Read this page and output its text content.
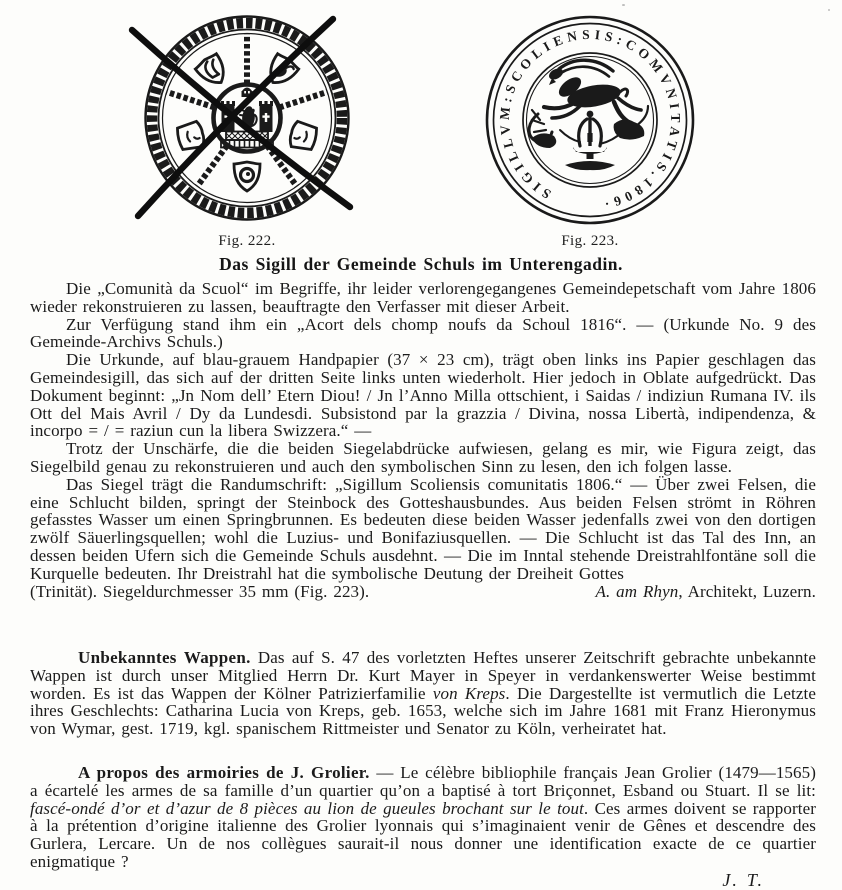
Fig. 222.
SIGILLVM:SCOLIENSIS:COMVNITATIS.1806·
Fig. 223.
Das Sigill der Gemeinde Schuls im Unterengadin.

Die „Comunità da Scuol“ im Begriffe, ihr leider verlorengegangenes Gemeindepetschaft vom Jahre 1806 wieder rekonstruieren zu lassen, beauftragte den Verfasser mit dieser Arbeit.

Zur Verfügung stand ihm ein „Acort dels chomp noufs da Schoul 1816“. — (Urkunde No. 9 des Gemeinde-Archivs Schuls.)

Die Urkunde, auf blau-grauem Handpapier (37 × 23 cm), trägt oben links ins Papier geschlagen das Gemeindesigill, das sich auf der dritten Seite links unten wiederholt. Hier jedoch in Oblate aufgedrückt. Das Dokument beginnt: „Jn Nom dell’ Etern Diou! / Jn l’Anno Milla ottschient, i Saidas / indiziun Rumana IV. ils Ott del Mais Avril / Dy da Lundesdi. Subsistond par la grazzia / Divina, nossa Libertà, indipendenza, & incorpo = / = raziun cun la libera Swizzera.“ —

Trotz der Unschärfe, die die beiden Siegelabdrücke aufwiesen, gelang es mir, wie Figura zeigt, das Siegelbild genau zu rekonstruieren und auch den symbolischen Sinn zu lesen, den ich folgen lasse.

Das Siegel trägt die Randumschrift: „Sigillum Scoliensis comunitatis 1806.“ — Über zwei Felsen, die eine Schlucht bilden, springt der Steinbock des Gotteshausbundes. Aus beiden Felsen strömt in Röhren gefasstes Wasser um einen Springbrunnen. Es bedeuten diese beiden Wasser jedenfalls zwei von den dortigen zwölf Säuerlingsquellen; wohl die Luzius- und Bonifaziusquellen. — Die Schlucht ist das Tal des Inn, an dessen beiden Ufern sich die Gemeinde Schuls ausdehnt. — Die im Inntal stehende Dreistrahlfontäne soll die Kurquelle bedeuten. Ihr Dreistrahl hat die symbolische Deutung der Dreiheit Gottes

(Trinität). Siegeldurchmesser 35 mm (Fig. 223).	A. am Rhyn, Architekt, Luzern.

Unbekanntes Wappen. Das auf S. 47 des vorletzten Heftes unserer Zeitschrift gebrachte unbekannte Wappen ist durch unser Mitglied Herrn Dr. Kurt Mayer in Speyer in verdankenswerter Weise bestimmt worden. Es ist das Wappen der Kölner Patrizierfamilie von Kreps. Die Dargestellte ist vermutlich die Letzte ihres Geschlechts: Catharina Lucia von Kreps, geb. 1653, welche sich im Jahre 1681 mit Franz Hieronymus von Wymar, gest. 1719, kgl. spanischem Rittmeister und Senator zu Köln, verheiratet hat.

A propos des armoiries de J. Grolier. — Le célèbre bibliophile français Jean Grolier (1479—1565) a écartelé les armes de sa famille d’un quartier qu’on a baptisé à tort Briçonnet, Esband ou Stuart. Il se lit: fascé-ondé d’or et d’azur de 8 pièces au lion de gueules brochant sur le tout. Ces armes doivent se rapporter à la prétention d’origine italienne des Grolier lyonnais qui s’imaginaient venir de Gênes et descendre des Gurlera, Lercare. Un de nos collègues saurait-il nous donner une identification exacte de ce quartier enigmatique ?

J. T.
